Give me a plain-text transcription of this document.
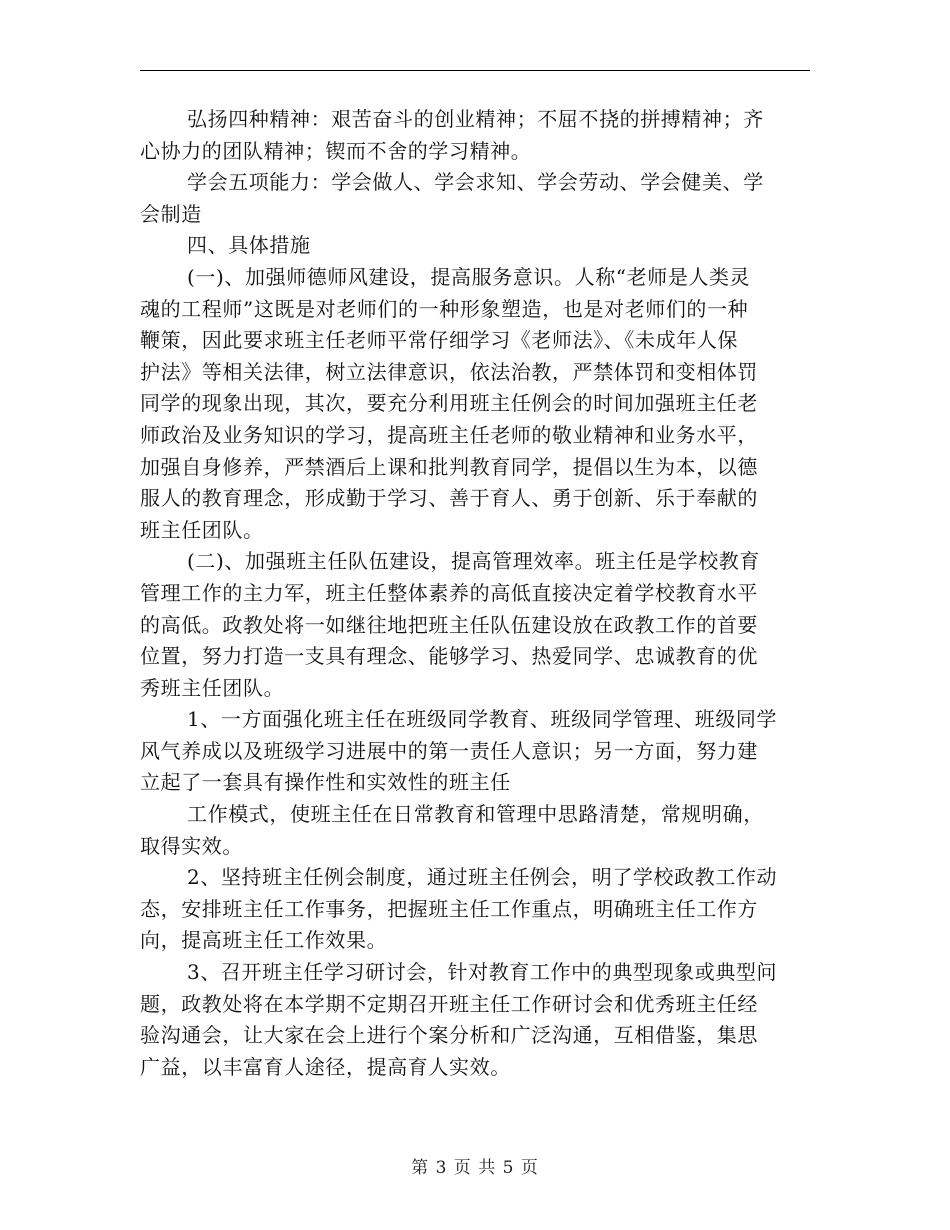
弘扬四种精神：艰苦奋斗的创业精神；不屈不挠的拼搏精神；齐
心协力的团队精神；锲而不舍的学习精神。
学会五项能力：学会做人、学会求知、学会劳动、学会健美、学
会制造
四、具体措施
(一)、加强师德师风建设，提高服务意识。人称“老师是人类灵
魂的工程师”这既是对老师们的一种形象塑造，也是对老师们的一种
鞭策，因此要求班主任老师平常仔细学习《老师法》、《未成年人保
护法》等相关法律，树立法律意识，依法治教，严禁体罚和变相体罚
同学的现象出现，其次，要充分利用班主任例会的时间加强班主任老
师政治及业务知识的学习，提高班主任老师的敬业精神和业务水平，
加强自身修养，严禁酒后上课和批判教育同学，提倡以生为本，以德
服人的教育理念，形成勤于学习、善于育人、勇于创新、乐于奉献的
班主任团队。
(二)、加强班主任队伍建设，提高管理效率。班主任是学校教育
管理工作的主力军，班主任整体素养的高低直接决定着学校教育水平
的高低。政教处将一如继往地把班主任队伍建设放在政教工作的首要
位置，努力打造一支具有理念、能够学习、热爱同学、忠诚教育的优
秀班主任团队。
1、一方面强化班主任在班级同学教育、班级同学管理、班级同学
风气养成以及班级学习进展中的第一责任人意识；另一方面，努力建
立起了一套具有操作性和实效性的班主任
工作模式，使班主任在日常教育和管理中思路清楚，常规明确，
取得实效。
2、坚持班主任例会制度，通过班主任例会，明了学校政教工作动
态，安排班主任工作事务，把握班主任工作重点，明确班主任工作方
向，提高班主任工作效果。
3、召开班主任学习研讨会，针对教育工作中的典型现象或典型问
题，政教处将在本学期不定期召开班主任工作研讨会和优秀班主任经
验沟通会，让大家在会上进行个案分析和广泛沟通，互相借鉴，集思
广益，以丰富育人途径，提高育人实效。
第 3 页 共 5 页
